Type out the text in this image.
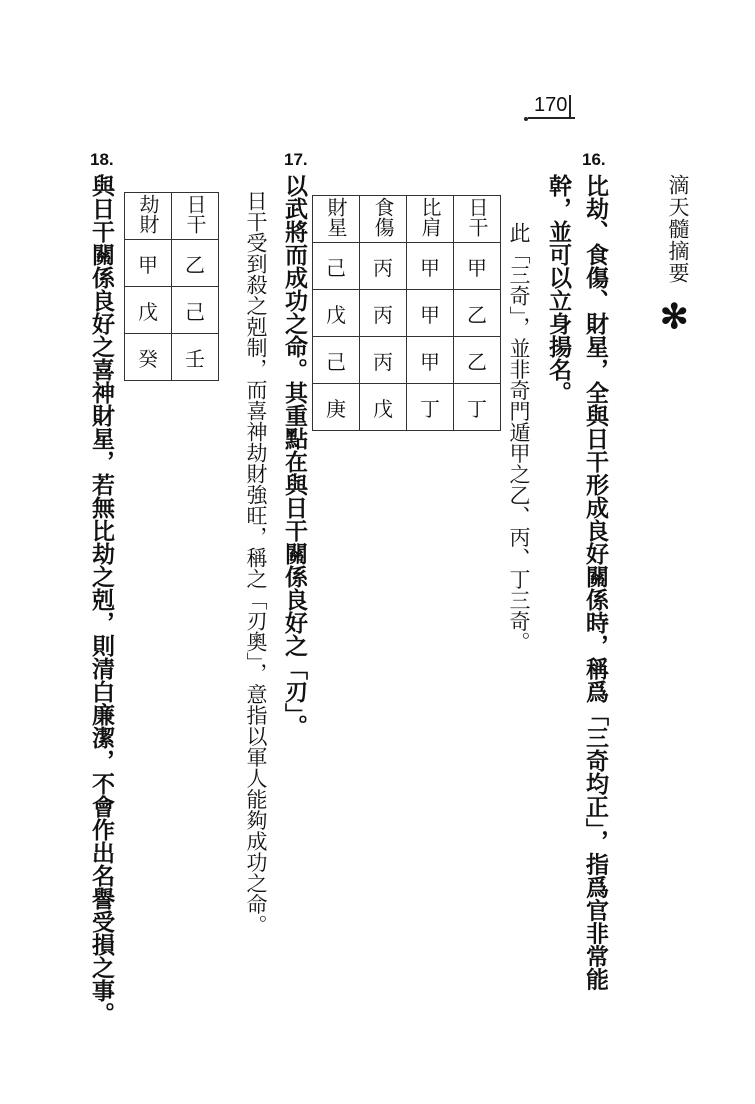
170
滴天髓摘要
✻
16.
比劫、食傷、財星，全與日干形成良好關係時，稱爲「三奇均正」，指爲官非常能
幹，並可以立身揚名。
此「三奇」，並非奇門遁甲之乙、丙、丁三奇。
財星	食傷	比肩	日干
己	丙	甲	甲
戊	丙	甲	乙
己	丙	甲	乙
庚	戊	丁	丁
17.
以武將而成功之命。其重點在與日干關係良好之「刃」。
日干受到殺之剋制，而喜神劫財強旺，稱之「刃奧」，意指以軍人能夠成功之命。
18.
與日干關係良好之喜神財星，若無比劫之剋，則清白廉潔，不會作出名譽受損之事。 劫財	日干
甲	乙
戊	己
癸	壬
